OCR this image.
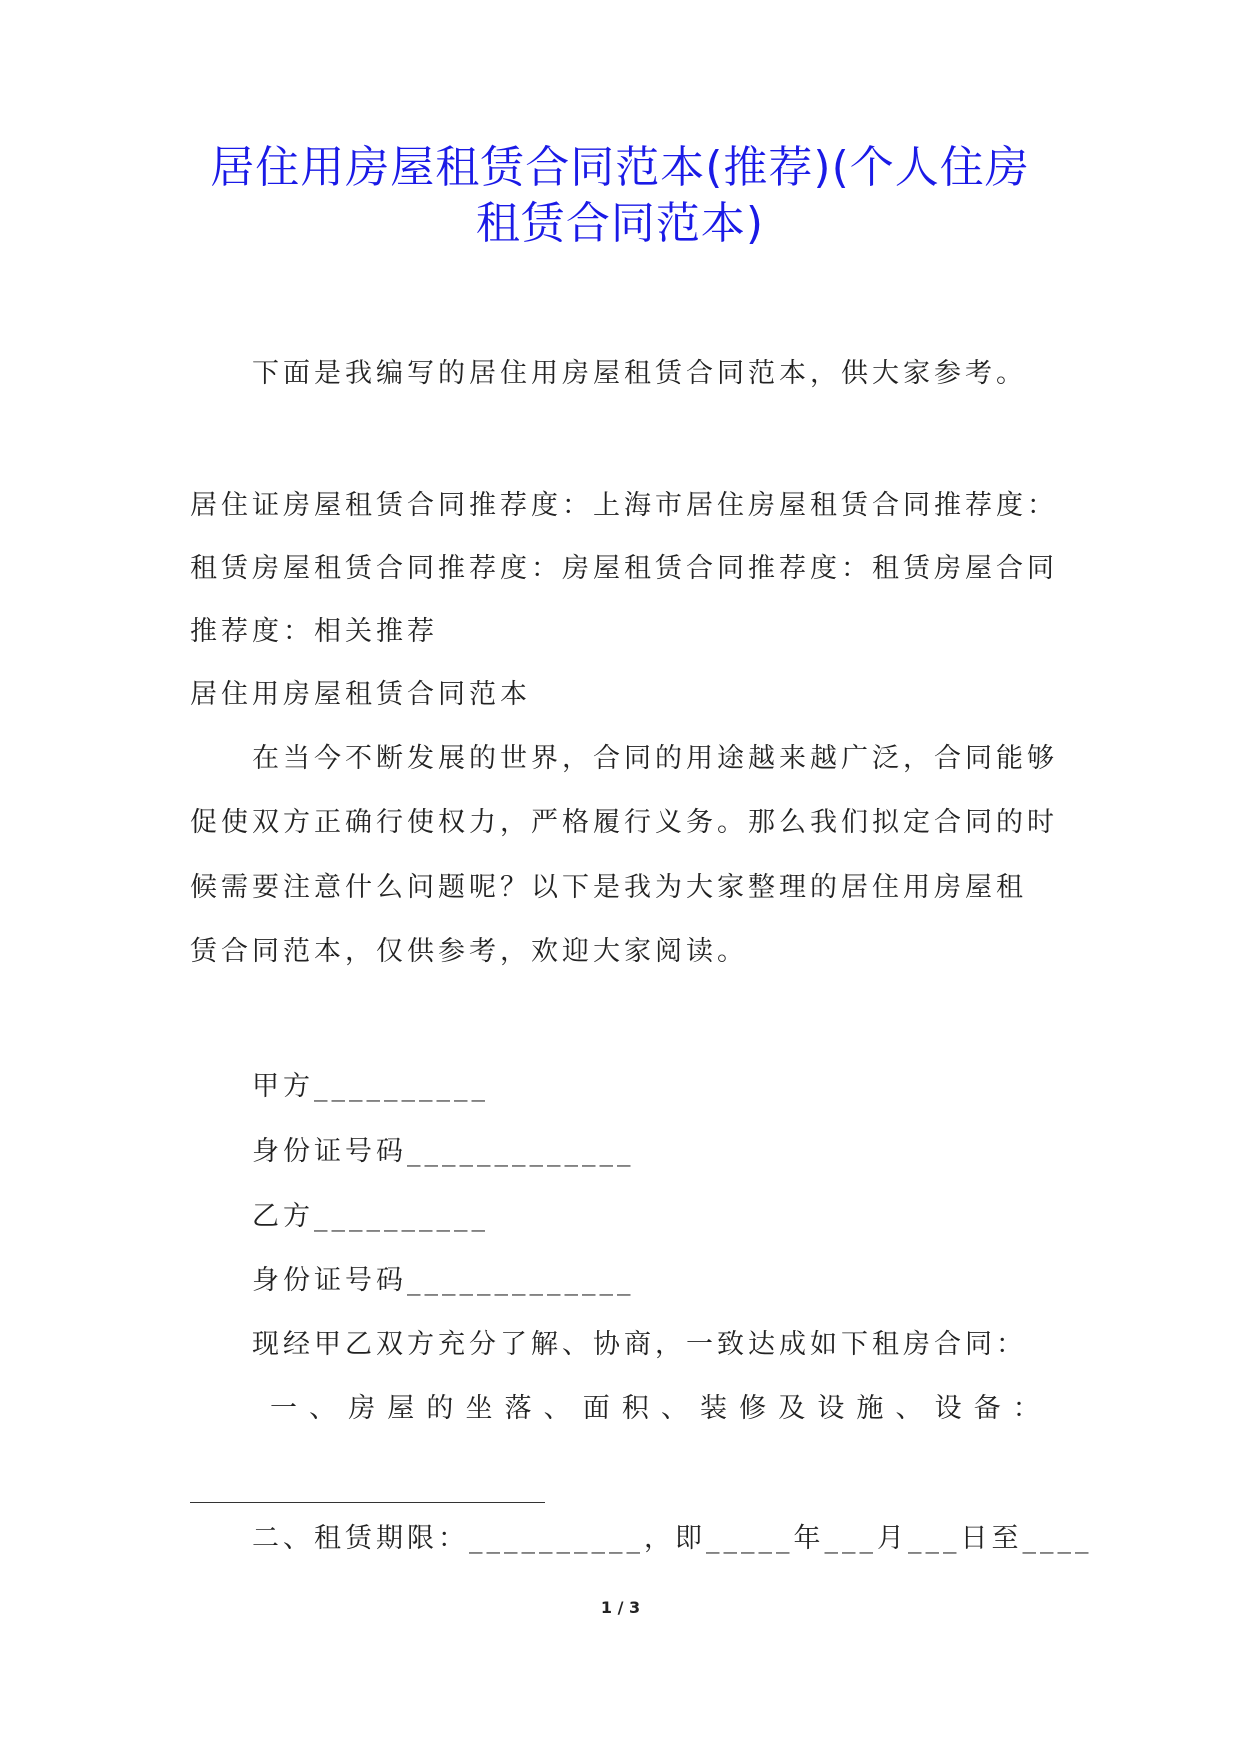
居住用房屋租赁合同范本(推荐)(个人住房
租赁合同范本)
下面是我编写的居住用房屋租赁合同范本，供大家参考。
居住证房屋租赁合同推荐度：上海市居住房屋租赁合同推荐度：
租赁房屋租赁合同推荐度：房屋租赁合同推荐度：租赁房屋合同
推荐度：相关推荐
居住用房屋租赁合同范本
在当今不断发展的世界，合同的用途越来越广泛，合同能够
促使双方正确行使权力，严格履行义务。那么我们拟定合同的时
候需要注意什么问题呢？以下是我为大家整理的居住用房屋租
赁合同范本，仅供参考，欢迎大家阅读。
甲方__________
身份证号码_____________
乙方__________
身份证号码_____________
现经甲乙双方充分了解、协商，一致达成如下租房合同：
一 、 房 屋 的 坐 落 、 面 积 、 装 修 及 设 施 、 设 备 ：
二、租赁期限：__________，即_____年___月___日至____
1 / 3
